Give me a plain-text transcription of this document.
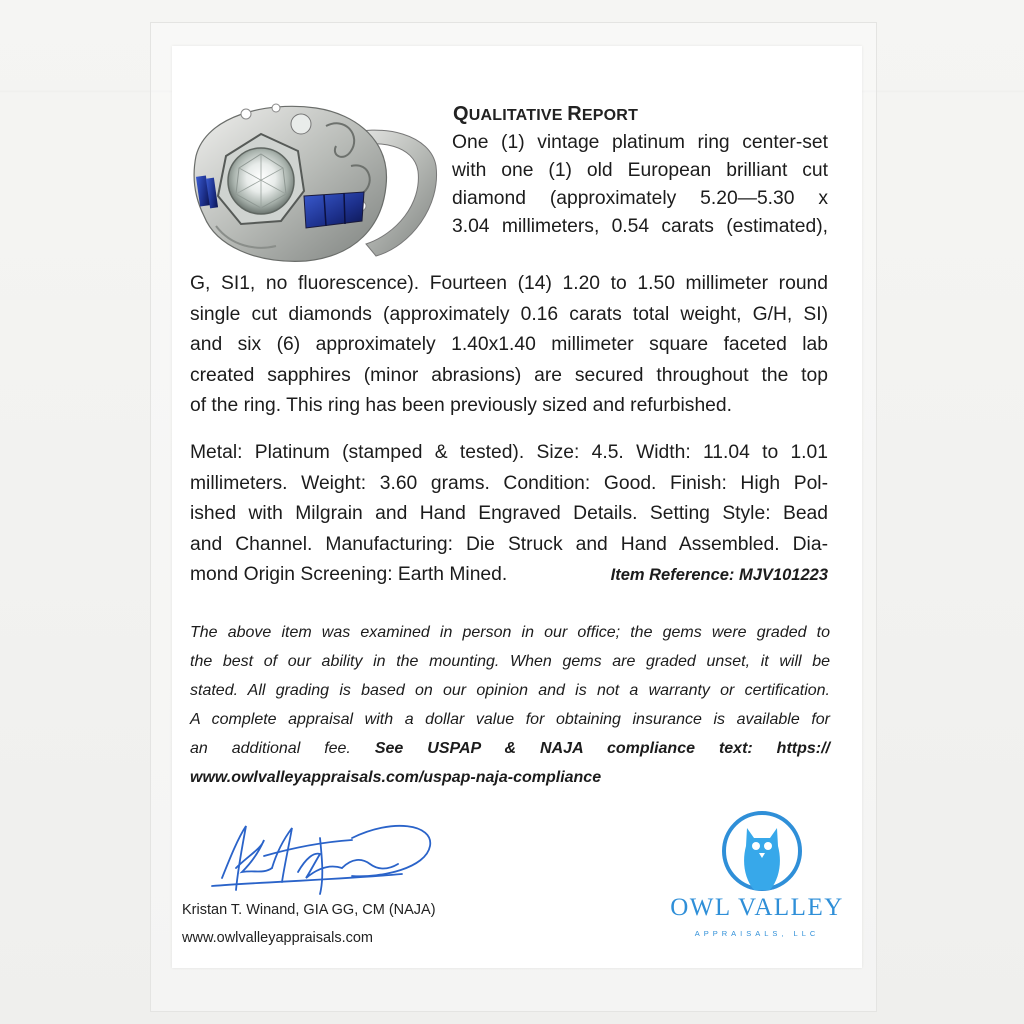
QUALITATIVE REPORT
One (1) vintage platinum ring center-set
with one (1) old European brilliant cut
diamond (approximately 5.20—5.30 x
3.04 millimeters, 0.54 carats (estimated),
G, SI1, no fluorescence). Fourteen (14) 1.20 to 1.50 millimeter round
single cut diamonds (approximately 0.16 carats total weight, G/H, SI)
and six (6) approximately 1.40x1.40 millimeter square faceted lab
created sapphires (minor abrasions) are secured throughout the top
of the ring. This ring has been previously sized and refurbished.
Metal: Platinum (stamped & tested). Size: 4.5. Width: 11.04 to 1.01
millimeters. Weight: 3.60 grams. Condition: Good. Finish: High Pol-
ished with Milgrain and Hand Engraved Details. Setting Style: Bead
and Channel. Manufacturing: Die Struck and Hand Assembled. Dia-
mond Origin Screening: Earth Mined.	Item Reference: MJV101223
The above item was examined in person in our office; the gems were graded to
the best of our ability in the mounting. When gems are graded unset, it will be
stated. All grading is based on our opinion and is not a warranty or certification.
A complete appraisal with a dollar value for obtaining insurance is available for
an additional fee. See USPAP & NAJA compliance text: https://
www.owlvalleyappraisals.com/uspap-naja-compliance
Kristan T. Winand, GIA GG, CM (NAJA)
www.owlvalleyappraisals.com
OWL VALLEY
APPRAISALS, LLC
